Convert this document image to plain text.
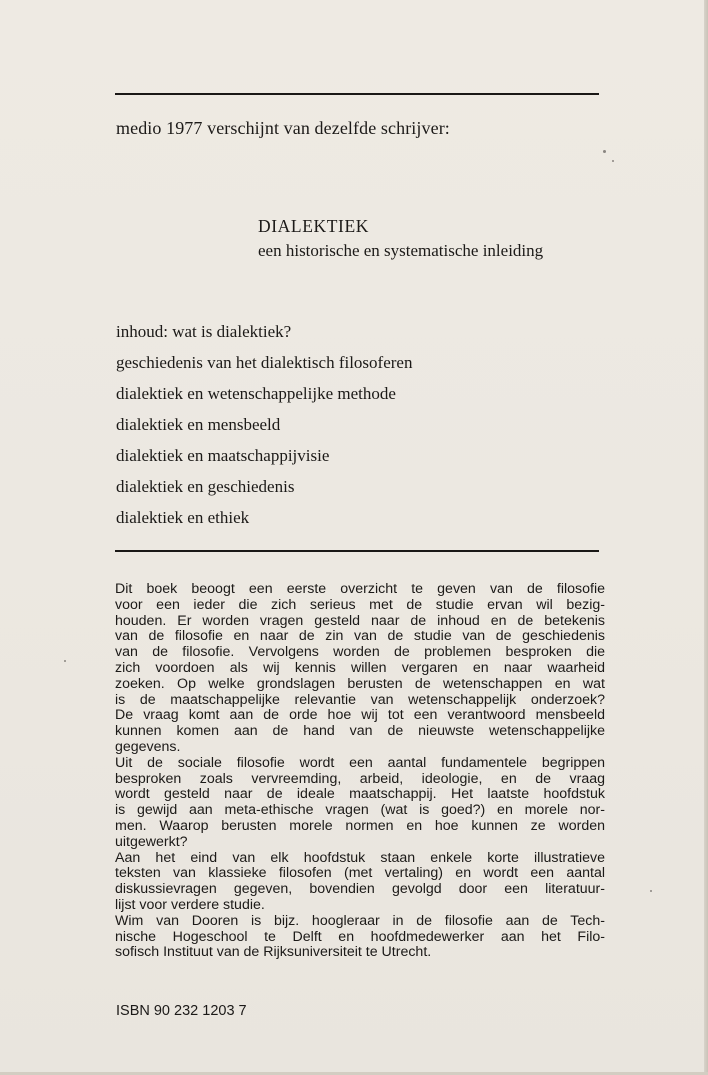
medio 1977 verschijnt van dezelfde schrijver:
DIALEKTIEK
een historische en systematische inleiding
inhoud: wat is dialektiek?
geschiedenis van het dialektisch filosoferen
dialektiek en wetenschappelijke methode
dialektiek en mensbeeld
dialektiek en maatschappijvisie
dialektiek en geschiedenis
dialektiek en ethiek
Dit boek beoogt een eerste overzicht te geven van de filosofie
voor een ieder die zich serieus met de studie ervan wil bezig-
houden. Er worden vragen gesteld naar de inhoud en de betekenis
van de filosofie en naar de zin van de studie van de geschiedenis
van de filosofie. Vervolgens worden de problemen besproken die
zich voordoen als wij kennis willen vergaren en naar waarheid
zoeken. Op welke grondslagen berusten de wetenschappen en wat
is de maatschappelijke relevantie van wetenschappelijk onderzoek?
De vraag komt aan de orde hoe wij tot een verantwoord mensbeeld
kunnen komen aan de hand van de nieuwste wetenschappelijke
gegevens.
Uit de sociale filosofie wordt een aantal fundamentele begrippen
besproken zoals vervreemding, arbeid, ideologie, en de vraag
wordt gesteld naar de ideale maatschappij. Het laatste hoofdstuk
is gewijd aan meta-ethische vragen (wat is goed?) en morele nor-
men. Waarop berusten morele normen en hoe kunnen ze worden
uitgewerkt?
Aan het eind van elk hoofdstuk staan enkele korte illustratieve
teksten van klassieke filosofen (met vertaling) en wordt een aantal
diskussievragen gegeven, bovendien gevolgd door een literatuur-
lijst voor verdere studie.
Wim van Dooren is bijz. hoogleraar in de filosofie aan de Tech-
nische Hogeschool te Delft en hoofdmedewerker aan het Filo-
sofisch Instituut van de Rijksuniversiteit te Utrecht.
ISBN 90 232 1203 7
